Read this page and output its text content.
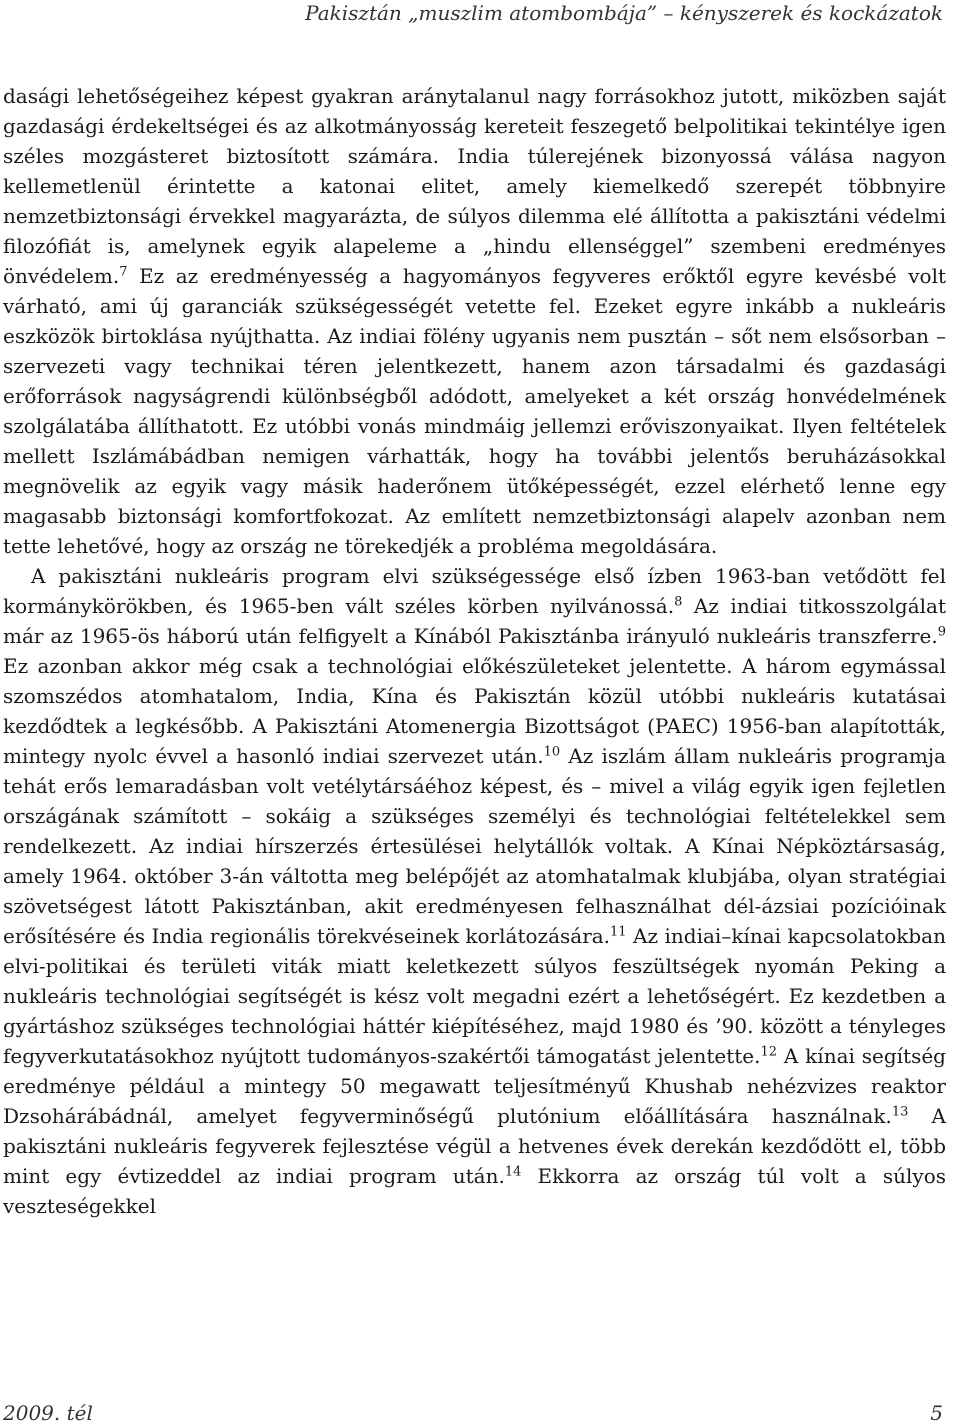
Pakisztán „muszlim atombombája” – kényszerek és kockázatok

dasági lehetőségeihez képest gyakran aránytalanul nagy forrásokhoz jutott, miközben saját gazdasági érdekeltségei és az alkotmányosság kereteit feszegető belpolitikai tekintélye igen széles mozgásteret biztosított számára. India túlerejének bizonyossá válása nagyon kellemetlenül érintette a katonai elitet, amely kiemelkedő szerepét többnyire nemzetbiztonsági érvekkel magyarázta, de súlyos dilemma elé állította a pakisztáni védelmi filozófiát is, amelynek egyik alapeleme a „hindu ellenséggel” szembeni eredményes önvédelem.$^7$ Ez az eredményesség a hagyományos fegyveres erőktől egyre kevésbé volt várható, ami új garanciák szükségességét vetette fel. Ezeket egyre inkább a nukleáris eszközök birtoklása nyújthatta. Az indiai fölény ugyanis nem pusztán – sőt nem elsősorban – szervezeti vagy technikai téren jelentkezett, hanem azon társadalmi és gazdasági erőforrások nagyságrendi különbségből adódott, amelyeket a két ország honvédelmének szolgálatába állíthatott. Ez utóbbi vonás mindmáig jellemzi erőviszonyaikat. Ilyen feltételek mellett Iszlámábádban nemigen várhatták, hogy ha további jelentős beruházásokkal megnövelik az egyik vagy másik haderőnem ütőképességét, ezzel elérhető lenne egy magasabb biztonsági komfortfokozat. Az említett nemzetbiztonsági alapelv azonban nem tette lehetővé, hogy az ország ne törekedjék a probléma megoldására.

A pakisztáni nukleáris program elvi szükségessége első ízben 1963-ban vetődött fel kormánykörökben, és 1965-ben vált széles körben nyilvánossá.$^8$ Az indiai titkosszolgálat már az 1965-ös háború után felfigyelt a Kínából Pakisztánba irányuló nukleáris transzferre.$^9$ Ez azonban akkor még csak a technológiai előkészületeket jelentette. A három egymással szomszédos atomhatalom, India, Kína és Pakisztán közül utóbbi nukleáris kutatásai kezdődtek a legkésőbb. A Pakisztáni Atomenergia Bizottságot (PAEC) 1956-ban alapították, mintegy nyolc évvel a hasonló indiai szervezet után.$^{10}$ Az iszlám állam nukleáris programja tehát erős lemaradásban volt vetélytársáéhoz képest, és – mivel a világ egyik igen fejletlen országának számított – sokáig a szükséges személyi és technológiai feltételekkel sem rendelkezett. Az indiai hírszerzés értesülései helytállók voltak. A Kínai Népköztársaság, amely 1964. október 3-án váltotta meg belépőjét az atomhatalmak klubjába, olyan stratégiai szövetségest látott Pakisztánban, akit eredményesen felhasználhat dél-ázsiai pozícióinak erősítésére és India regionális törekvéseinek korlátozására.$^{11}$ Az indiai–kínai kapcsolatokban elvi-politikai és területi viták miatt keletkezett súlyos feszültségek nyomán Peking a nukleáris technológiai segítségét is kész volt megadni ezért a lehetőségért. Ez kezdetben a gyártáshoz szükséges technológiai háttér kiépítéséhez, majd 1980 és ’90. között a tényleges fegyverkutatásokhoz nyújtott tudományos-szakértői támogatást jelentette.$^{12}$ A kínai segítség eredménye például a mintegy 50 megawatt teljesítményű Khushab nehézvizes reaktor Dzsohárábádnál, amelyet fegyverminőségű plutónium előállítására használnak.$^{13}$ A pakisztáni nukleáris fegyverek fejlesztése végül a hetvenes évek derekán kezdődött el, több mint egy évtizeddel az indiai program után.$^{14}$ Ekkorra az ország túl volt a súlyos veszteségekkel

2009. tél	5
